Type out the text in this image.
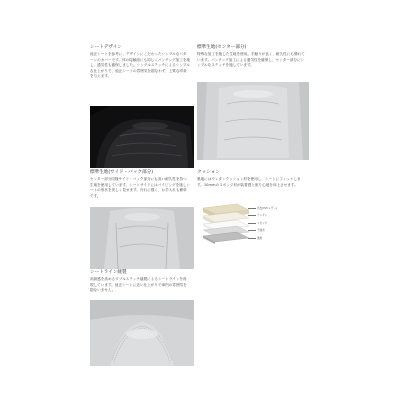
シートデザイン
純正シートを参考に、デザインにこだわったシンプルなパターンのカバーです。体の接触面にも同じくパンチング加工を施し、通気性も確保しました。シングルステッチによるシンプルな仕上がりで、純正シートの雰囲気を損なわず、上質な印象を与えます。
標準生地(センター部分)
特殊な加工を施した生地を使用。手触りが良く、耐久性にも優れています。パンチング加工による通気性を確保し、センター部分にシンプルなステッチを施しています。
標準生地(サイド・バック部分)
センター部分同様サイド・バック部分にも高い耐久性を持つ生地を使用しています。シートサイドにはパイピングを施しシートの形状を美しく見せます。汚れに強く、お手入れも簡単です。
クッション
裏地にはウレタンクッション材を使用し、シートにフィットします。10mmのスポンジ材が装着感と座り心地を向上させます。
表皮(PVCレザー)
ウレタン
スポンジ
不織布
裏地
シートライン縫製
高級感を高めるダブルステッチ縫製によるシートラインを再現しています。純正シートに近い仕上がりで車内の雰囲気を損ないません。
